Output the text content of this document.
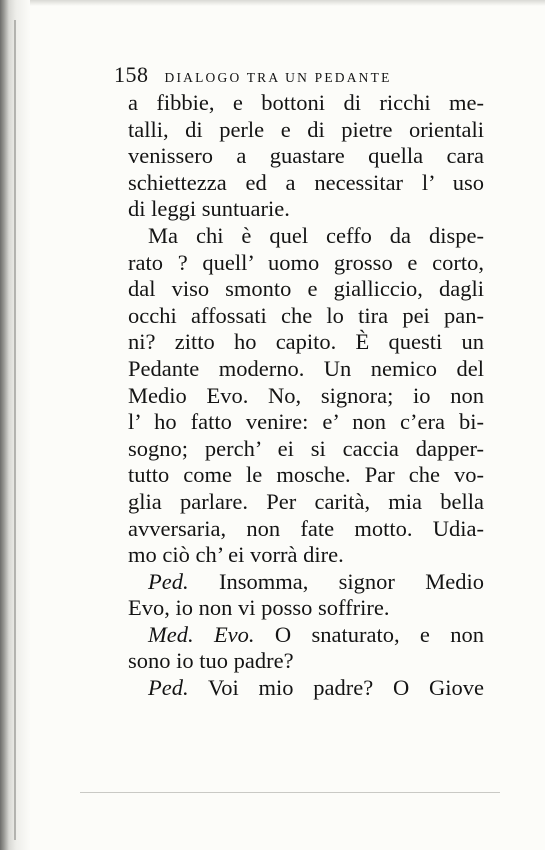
158 DIALOGO TRA UN PEDANTE
a fibbie, e bottoni di ricchi me-
talli, di perle e di pietre orientali
venissero a guastare quella cara
schiettezza ed a necessitar l’ uso
di leggi suntuarie.
Ma chi è quel ceffo da dispe-
rato ? quell’ uomo grosso e corto,
dal viso smonto e gialliccio, dagli
occhi affossati che lo tira pei pan-
ni? zitto ho capito. È questi un
Pedante moderno. Un nemico del
Medio Evo. No, signora; io non
l’ ho fatto venire: e’ non c’era bi-
sogno; perch’ ei si caccia dapper-
tutto come le mosche. Par che vo-
glia parlare. Per carità, mia bella
avversaria, non fate motto. Udia-
mo ciò ch’ ei vorrà dire.
Ped. Insomma, signor Medio
Evo, io non vi posso soffrire.
Med. Evo. O snaturato, e non
sono io tuo padre?
Ped. Voi mio padre? O Giove
